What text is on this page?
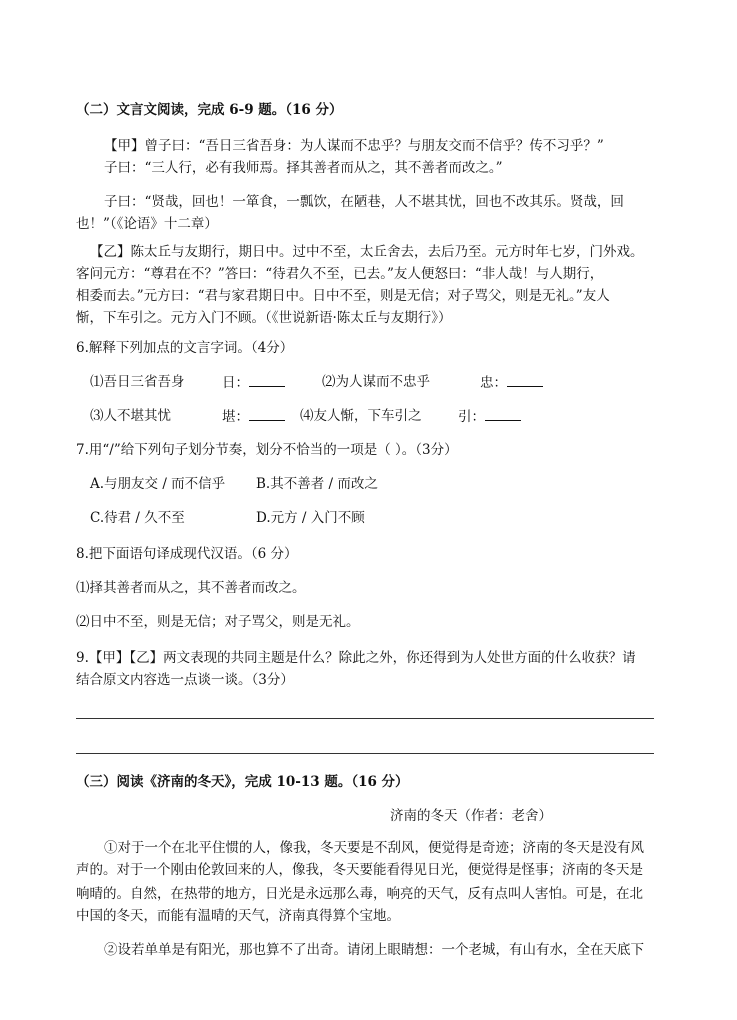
（二）文言文阅读，完成 6-9 题。（16 分）
【甲】曾子曰：“吾日三省吾身：为人谋而不忠乎？与朋友交而不信乎？传不习乎？”
子曰：“三人行，必有我师焉。择其善者而从之，其不善者而改之。”
子曰：“贤哉，回也！一箪食，一瓢饮，在陋巷，人不堪其忧，回也不改其乐。贤哉，回
也！”（《论语》十二章）
【乙】陈太丘与友期行，期日中。过中不至，太丘舍去，去后乃至。元方时年七岁，门外戏。
客问元方：“尊君在不？”答曰：“待君久不至，已去。”友人便怒曰：“非人哉！与人期行，
相委而去。”元方曰：“君与家君期日中。日中不至，则是无信；对子骂父，则是无礼。”友人
惭，下车引之。元方入门不顾。（《世说新语·陈太丘与友期行》）
6.解释下列加点的文言字词。（4分）
⑴吾日三省吾身	日：	⑵为人谋而不忠乎	忠：
⑶人不堪其忧	堪：	⑷友人惭，下车引之	引：
7.用“/”给下列句子划分节奏，划分不恰当的一项是（ ）。（3分）
A.与朋友交 / 而不信乎 B.其不善者 / 而改之
C.待君 / 久不至	D.元方 / 入门不顾
8.把下面语句译成现代汉语。（6 分）
⑴择其善者而从之，其不善者而改之。
⑵日中不至，则是无信；对子骂父，则是无礼。
9.【甲】【乙】两文表现的共同主题是什么？除此之外，你还得到为人处世方面的什么收获？请
结合原文内容选一点谈一谈。（3分）
（三）阅读《济南的冬天》，完成 10-13 题。（16 分）
济南的冬天（作者：老舍）
①对于一个在北平住惯的人，像我，冬天要是不刮风，便觉得是奇迹；济南的冬天是没有风
声的。对于一个刚由伦敦回来的人，像我，冬天要能看得见日光，便觉得是怪事；济南的冬天是
响晴的。自然，在热带的地方，日光是永远那么毒，响亮的天气，反有点叫人害怕。可是，在北
中国的冬天，而能有温晴的天气，济南真得算个宝地。
②设若单单是有阳光，那也算不了出奇。请闭上眼睛想：一个老城，有山有水，全在天底下
